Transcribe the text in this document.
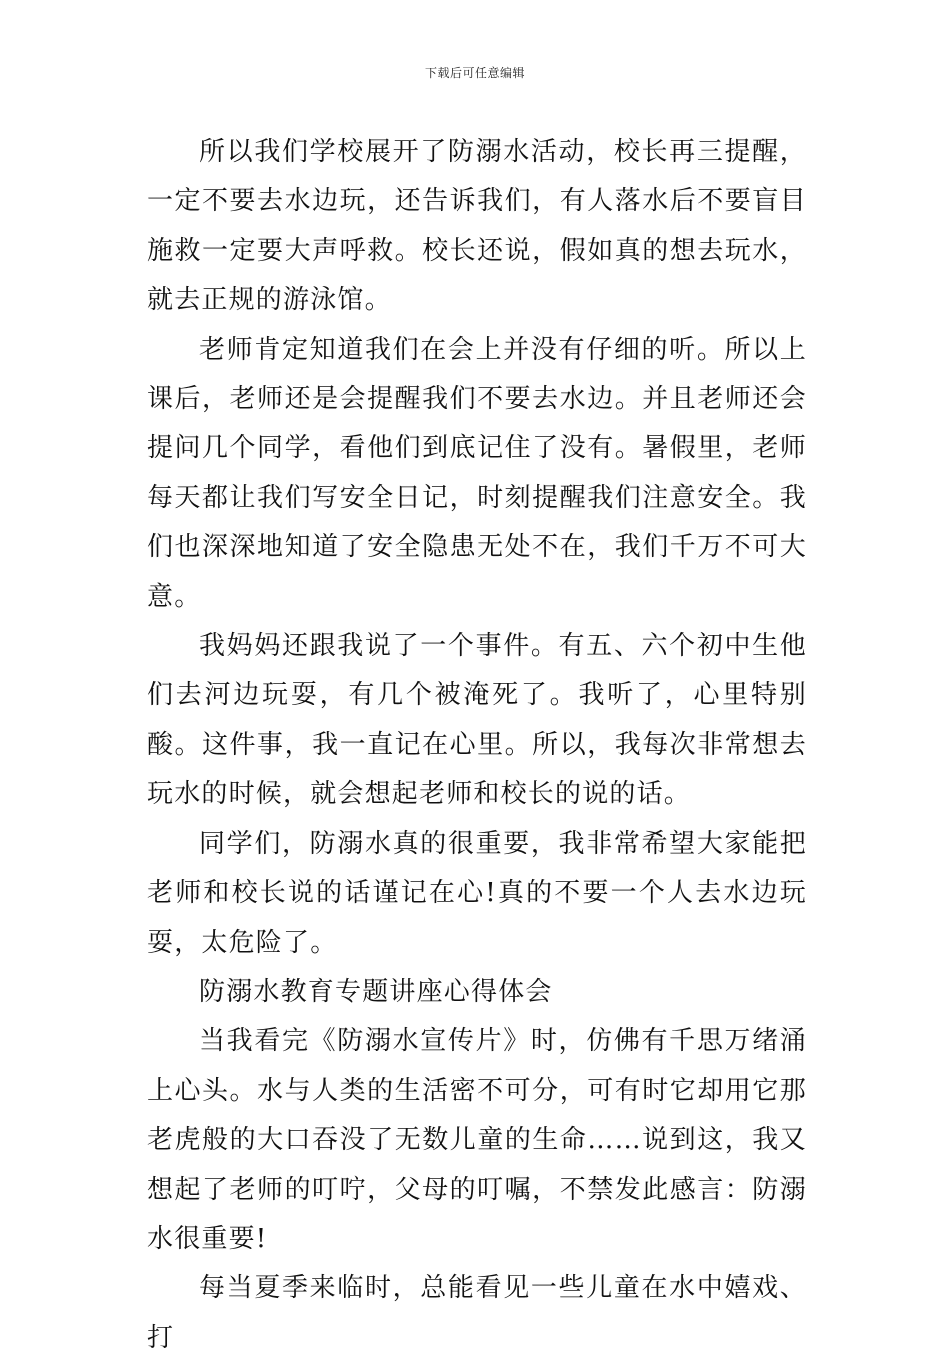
下载后可任意编辑

所以我们学校展开了防溺水活动，校长再三提醒，一定不要去水边玩，还告诉我们，有人落水后不要盲目施救一定要大声呼救。校长还说，假如真的想去玩水，就去正规的游泳馆。

老师肯定知道我们在会上并没有仔细的听。所以上课后，老师还是会提醒我们不要去水边。并且老师还会提问几个同学，看他们到底记住了没有。暑假里，老师每天都让我们写安全日记，时刻提醒我们注意安全。我们也深深地知道了安全隐患无处不在，我们千万不可大意。

我妈妈还跟我说了一个事件。有五、六个初中生他们去河边玩耍，有几个被淹死了。我听了，心里特别酸。这件事，我一直记在心里。所以，我每次非常想去玩水的时候，就会想起老师和校长的说的话。

同学们，防溺水真的很重要，我非常希望大家能把老师和校长说的话谨记在心!真的不要一个人去水边玩耍，太危险了。

防溺水教育专题讲座心得体会

当我看完《防溺水宣传片》时，仿佛有千思万绪涌上心头。水与人类的生活密不可分，可有时它却用它那老虎般的大口吞没了无数儿童的生命……说到这，我又想起了老师的叮咛，父母的叮嘱，不禁发此感言：防溺水很重要!

每当夏季来临时，总能看见一些儿童在水中嬉戏、打
